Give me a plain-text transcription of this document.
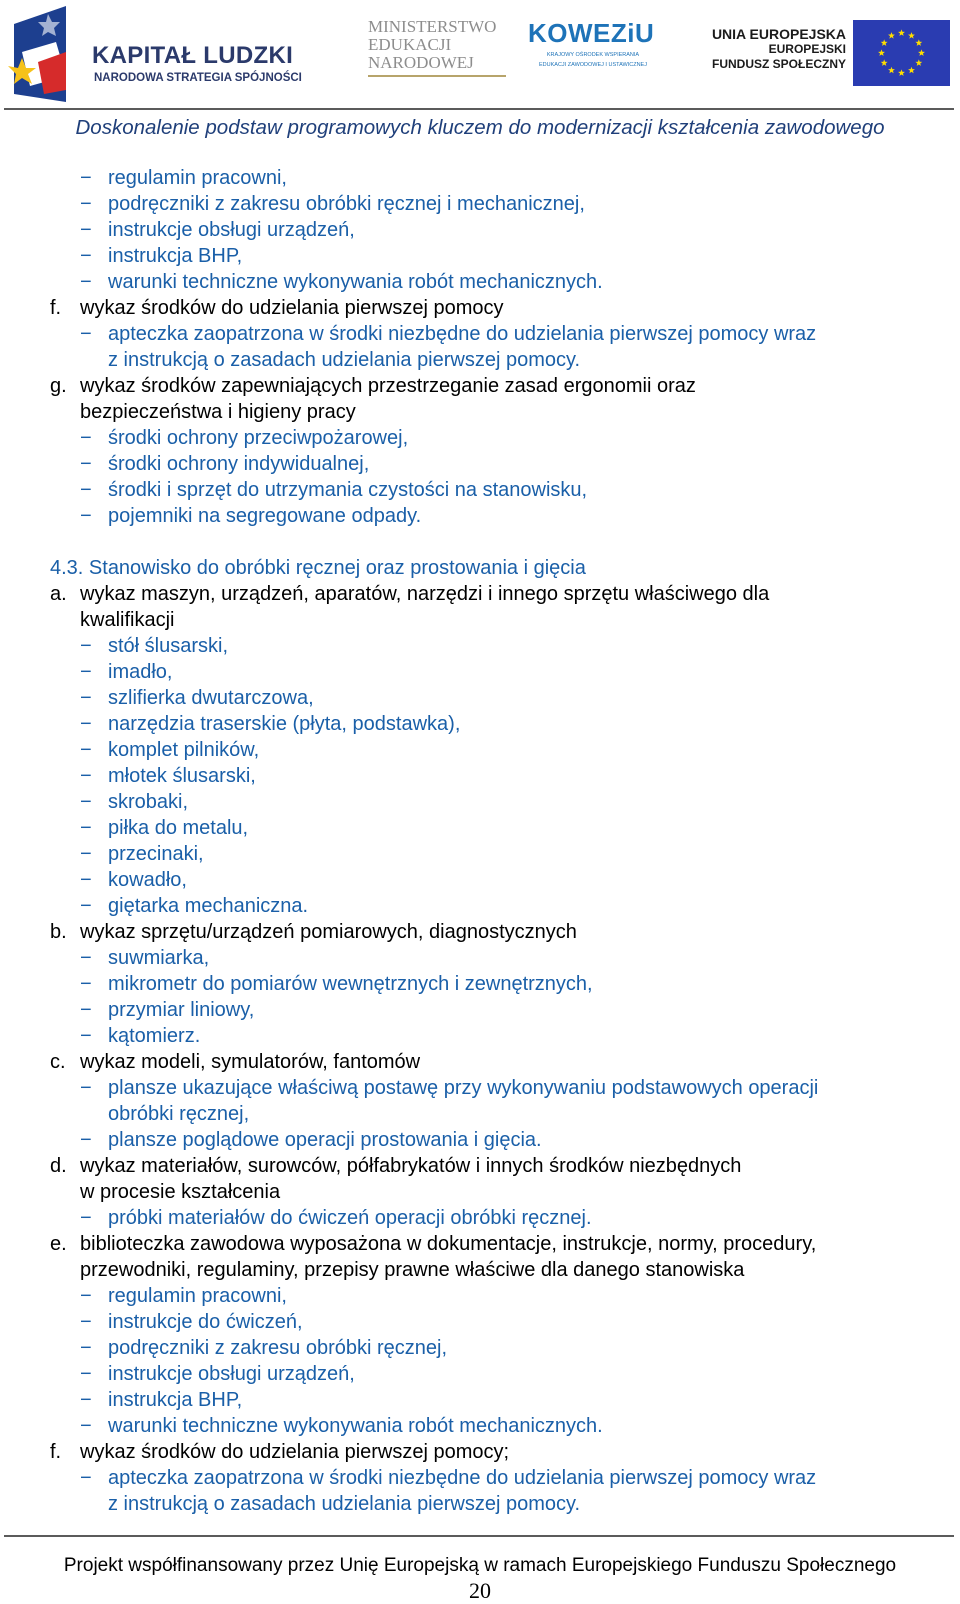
KAPITAŁ LUDZKI
NARODOWA STRATEGIA SPÓJNOŚCI
MINISTERSTWO
EDUKACJI
NARODOWEJ
KOWEZiU
KRAJOWY OŚRODEK WSPIERANIA
EDUKACJI ZAWODOWEJ I USTAWICZNEJ
UNIA EUROPEJSKA
EUROPEJSKI
FUNDUSZ SPOŁECZNY
Doskonalenie podstaw programowych kluczem do modernizacji kształcenia zawodowego
− regulamin pracowni,
− podręczniki z zakresu obróbki ręcznej i mechanicznej,
− instrukcje obsługi urządzeń,
− instrukcja BHP,
− warunki techniczne wykonywania robót mechanicznych.
f. wykaz środków do udzielania pierwszej pomocy
− apteczka zaopatrzona w środki niezbędne do udzielania pierwszej pomocy wraz
z instrukcją o zasadach udzielania pierwszej pomocy.
g. wykaz środków zapewniających przestrzeganie zasad ergonomii oraz
bezpieczeństwa i higieny pracy
− środki ochrony przeciwpożarowej,
− środki ochrony indywidualnej,
− środki i sprzęt do utrzymania czystości na stanowisku,
− pojemniki na segregowane odpady.
4.3. Stanowisko do obróbki ręcznej oraz prostowania i gięcia
a. wykaz maszyn, urządzeń, aparatów, narzędzi i innego sprzętu właściwego dla
kwalifikacji
− stół ślusarski,
− imadło,
− szlifierka dwutarczowa,
− narzędzia traserskie (płyta, podstawka),
− komplet pilników,
− młotek ślusarski,
− skrobaki,
− piłka do metalu,
− przecinaki,
− kowadło,
− giętarka mechaniczna.
b. wykaz sprzętu/urządzeń pomiarowych, diagnostycznych
− suwmiarka,
− mikrometr do pomiarów wewnętrznych i zewnętrznych,
− przymiar liniowy,
− kątomierz.
c. wykaz modeli, symulatorów, fantomów
− plansze ukazujące właściwą postawę przy wykonywaniu podstawowych operacji
obróbki ręcznej,
− plansze poglądowe operacji prostowania i gięcia.
d. wykaz materiałów, surowców, półfabrykatów i innych środków niezbędnych
w procesie kształcenia
− próbki materiałów do ćwiczeń operacji obróbki ręcznej.
e. biblioteczka zawodowa wyposażona w dokumentacje, instrukcje, normy, procedury,
przewodniki, regulaminy, przepisy prawne właściwe dla danego stanowiska
− regulamin pracowni,
− instrukcje do ćwiczeń,
− podręczniki z zakresu obróbki ręcznej,
− instrukcje obsługi urządzeń,
− instrukcja BHP,
− warunki techniczne wykonywania robót mechanicznych.
f. wykaz środków do udzielania pierwszej pomocy;
− apteczka zaopatrzona w środki niezbędne do udzielania pierwszej pomocy wraz
z instrukcją o zasadach udzielania pierwszej pomocy.
Projekt współfinansowany przez Unię Europejską w ramach Europejskiego Funduszu Społecznego
20
